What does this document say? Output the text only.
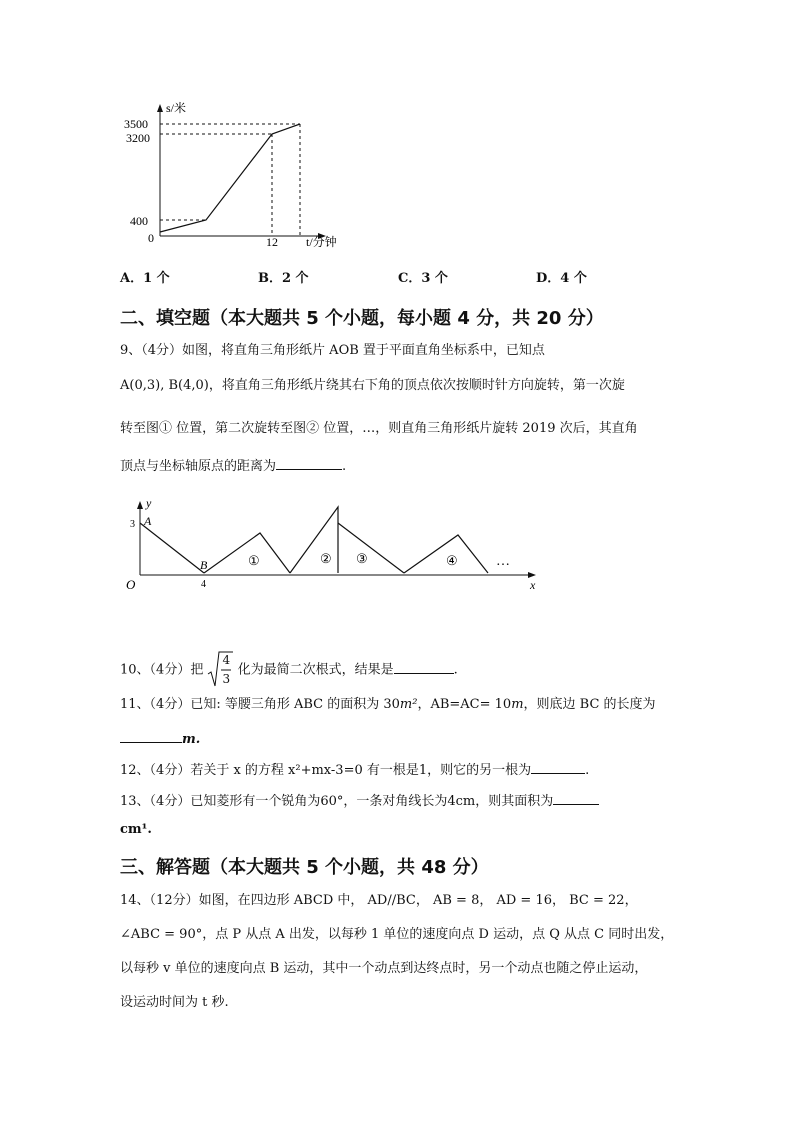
s/米
3500
3200
400
0	12 t/分钟
A．1 个	B．2 个	C．3 个	D．4 个
二、填空题（本大题共 5 个小题，每小题 4 分，共 20 分）
9、（4分）如图，将直角三角形纸片 AOB 置于平面直角坐标系中，已知点
A(0,3), B(4,0)，将直角三角形纸片绕其右下角的顶点依次按顺时针方向旋转，第一次旋
转至图① 位置，第二次旋转至图② 位置，…，则直角三角形纸片旋转 2019 次后，其直角
顶点与坐标轴原点的距离为	.
y
x
O
A
B
3
4
①	② ③	④	…
10、（4分）把
4
3
化为最简二次根式，结果是	.
11、（4分）已知: 等腰三角形 ABC 的面积为 30m²，AB=AC= 10m，则底边 BC 的长度为
m.
12、（4分）若关于 x 的方程 x²+mx-3=0 有一根是1，则它的另一根为	.
13、（4分）已知菱形有一个锐角为60°，一条对角线长为4cm，则其面积为
cm¹.
三、解答题（本大题共 5 个小题，共 48 分）
14、（12分）如图，在四边形 ABCD 中， AD//BC， AB = 8， AD = 16， BC = 22，
∠ABC = 90°，点 P 从点 A 出发，以每秒 1 单位的速度向点 D 运动，点 Q 从点 C 同时出发，
以每秒 v 单位的速度向点 B 运动，其中一个动点到达终点时，另一个动点也随之停止运动，
设运动时间为 t 秒.
